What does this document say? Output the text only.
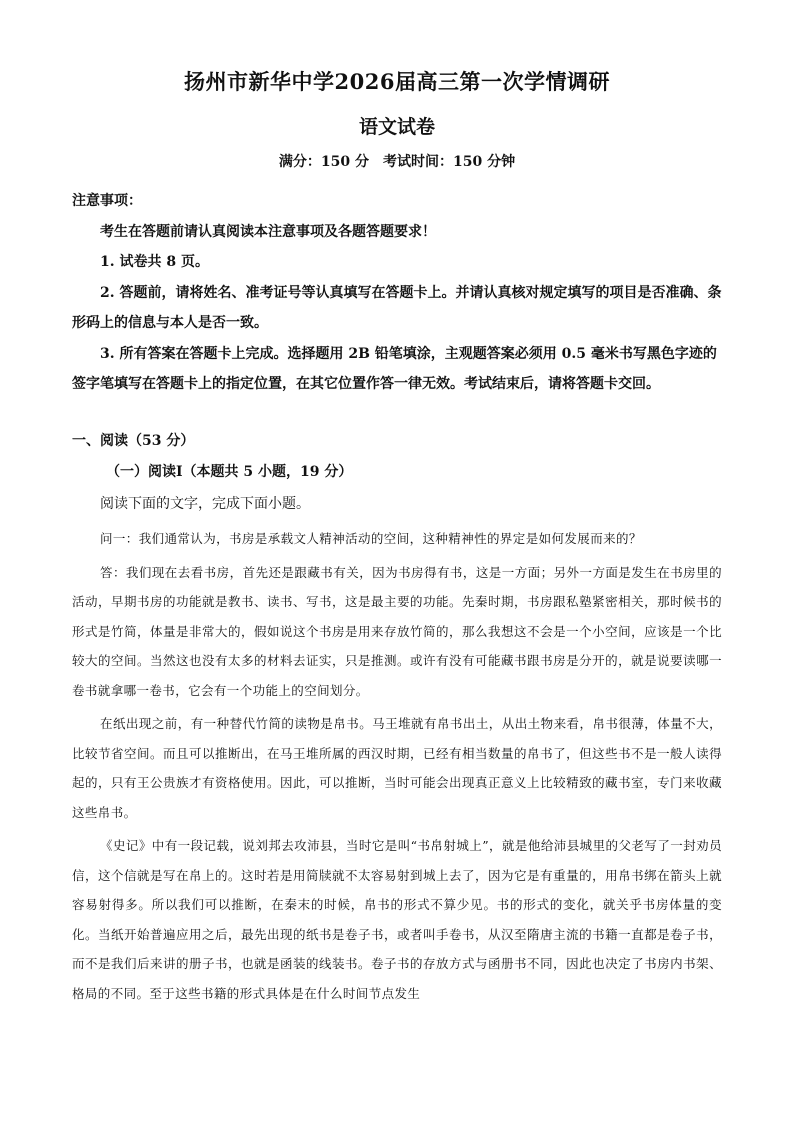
扬州市新华中学2026届高三第一次学情调研
语文试卷
满分：150 分　考试时间：150 分钟

注意事项：

考生在答题前请认真阅读本注意事项及各题答题要求！

1. 试卷共 8 页。

2. 答题前，请将姓名、准考证号等认真填写在答题卡上。并请认真核对规定填写的项目是否准确、条形码上的信息与本人是否一致。

3. 所有答案在答题卡上完成。选择题用 2B 铅笔填涂，主观题答案必须用 0.5 毫米书写黑色字迹的签字笔填写在答题卡上的指定位置，在其它位置作答一律无效。考试结束后，请将答题卡交回。

一、阅读（53 分）
（一）阅读Ⅰ（本题共 5 小题，19 分）
阅读下面的文字，完成下面小题。

问一：我们通常认为，书房是承载文人精神活动的空间，这种精神性的界定是如何发展而来的？

答：我们现在去看书房，首先还是跟藏书有关，因为书房得有书，这是一方面；另外一方面是发生在书房里的活动，早期书房的功能就是教书、读书、写书，这是最主要的功能。先秦时期，书房跟私塾紧密相关，那时候书的形式是竹简，体量是非常大的，假如说这个书房是用来存放竹简的，那么我想这不会是一个小空间，应该是一个比较大的空间。当然这也没有太多的材料去证实，只是推测。或许有没有可能藏书跟书房是分开的，就是说要读哪一卷书就拿哪一卷书，它会有一个功能上的空间划分。

在纸出现之前，有一种替代竹简的读物是帛书。马王堆就有帛书出土，从出土物来看，帛书很薄，体量不大，比较节省空间。而且可以推断出，在马王堆所属的西汉时期，已经有相当数量的帛书了，但这些书不是一般人读得起的，只有王公贵族才有资格使用。因此，可以推断，当时可能会出现真正意义上比较精致的藏书室，专门来收藏这些帛书。

《史记》中有一段记载，说刘邦去攻沛县，当时它是叫“书帛射城上”，就是他给沛县城里的父老写了一封劝员信，这个信就是写在帛上的。这时若是用简牍就不太容易射到城上去了，因为它是有重量的，用帛书绑在箭头上就容易射得多。所以我们可以推断，在秦末的时候，帛书的形式不算少见。书的形式的变化，就关乎书房体量的变化。当纸开始普遍应用之后，最先出现的纸书是卷子书，或者叫手卷书，从汉至隋唐主流的书籍一直都是卷子书，而不是我们后来讲的册子书，也就是函装的线装书。卷子书的存放方式与函册书不同，因此也决定了书房内书架、格局的不同。至于这些书籍的形式具体是在什么时间节点发生
